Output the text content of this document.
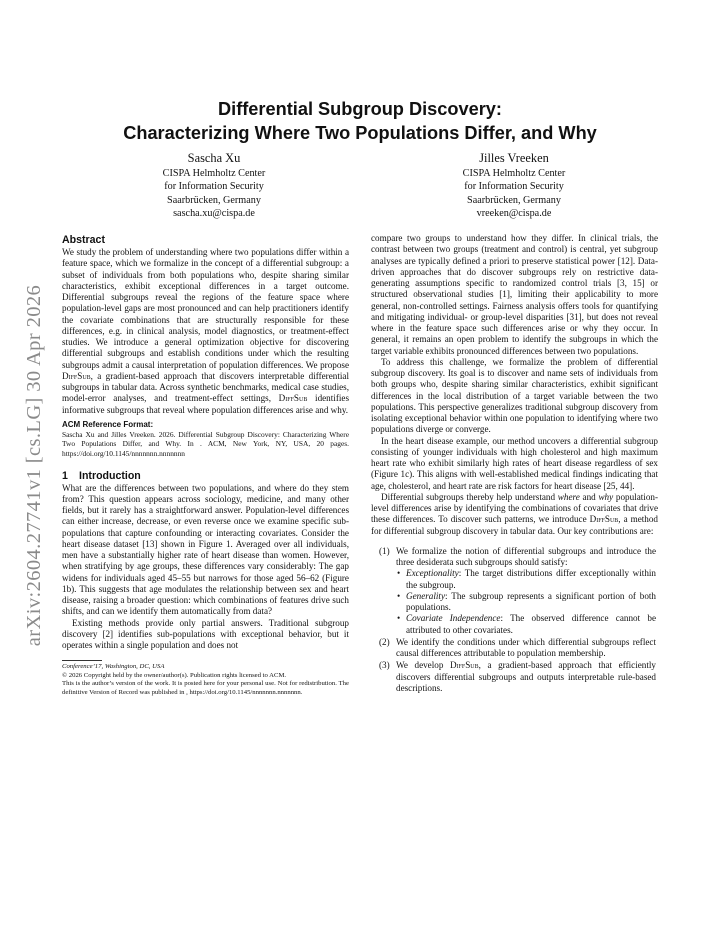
arXiv:2604.27741v1 [cs.LG] 30 Apr 2026
Differential Subgroup Discovery:
Characterizing Where Two Populations Differ, and Why
Sascha Xu
CISPA Helmholtz Center
for Information Security
Saarbrücken, Germany
sascha.xu@cispa.de
Jilles Vreeken
CISPA Helmholtz Center
for Information Security
Saarbrücken, Germany
vreeken@cispa.de
Abstract

We study the problem of understanding where two populations differ within a feature space, which we formalize in the concept of a differential subgroup: a subset of individuals from both populations who, despite sharing similar characteristics, exhibit exceptional differences in a target outcome. Differential subgroups reveal the regions of the feature space where population-level gaps are most pronounced and can help practitioners identify the covariate combinations that are structurally responsible for these differences, e.g. in clinical analysis, model diagnostics, or treatment-effect studies. We introduce a general optimization objective for discovering differential subgroups and establish conditions under which the resulting subgroups admit a causal interpretation of population differences. We propose DiffSub, a gradient-based approach that discovers interpretable differential subgroups in tabular data. Across synthetic benchmarks, medical case studies, model-error analyses, and treatment-effect settings, DiffSub identifies informative subgroups that reveal where population differences arise and why.

ACM Reference Format:

Sascha Xu and Jilles Vreeken. 2026. Differential Subgroup Discovery: Characterizing Where Two Populations Differ, and Why. In . ACM, New York, NY, USA, 20 pages. https://doi.org/10.1145/nnnnnnn.nnnnnnn

1 Introduction

What are the differences between two populations, and where do they stem from? This question appears across sociology, medicine, and many other fields, but it rarely has a straightforward answer. Population-level differences can either increase, decrease, or even reverse once we examine specific sub-populations that capture confounding or interacting covariates. Consider the heart disease dataset [13] shown in Figure 1. Averaged over all individuals, men have a substantially higher rate of heart disease than women. However, when stratifying by age groups, these differences vary considerably: The gap widens for individuals aged 45–55 but narrows for those aged 56–62 (Figure 1b). This suggests that age modulates the relationship between sex and heart disease, raising a broader question: which combinations of features drive such shifts, and can we identify them automatically from data?

Existing methods provide only partial answers. Traditional subgroup discovery [2] identifies sub-populations with exceptional behavior, but it operates within a single population and does not

Conference’17, Washington, DC, USA
© 2026 Copyright held by the owner/author(s). Publication rights licensed to ACM.
This is the author’s version of the work. It is posted here for your personal use. Not for redistribution. The definitive Version of Record was published in , https://doi.org/10.1145/nnnnnnn.nnnnnnn.

compare two groups to understand how they differ. In clinical trials, the contrast between two groups (treatment and control) is central, yet subgroup analyses are typically defined a priori to preserve statistical power [12]. Data-driven approaches that do discover subgroups rely on restrictive data-generating assumptions specific to randomized control trials [3, 15] or structured observational studies [1], limiting their applicability to more general, non-controlled settings. Fairness analysis offers tools for quantifying and mitigating individual- or group-level disparities [31], but does not reveal where in the feature space such differences arise or why they occur. In general, it remains an open problem to identify the subgroups in which the target variable exhibits pronounced differences between two populations.

To address this challenge, we formalize the problem of differential subgroup discovery. Its goal is to discover and name sets of individuals from both groups who, despite sharing similar characteristics, exhibit significant differences in the local distribution of a target variable between the two populations. This perspective generalizes traditional subgroup discovery from isolating exceptional behavior within one population to identifying where two populations diverge or converge.

In the heart disease example, our method uncovers a differential subgroup consisting of younger individuals with high cholesterol and high maximum heart rate who exhibit similarly high rates of heart disease regardless of sex (Figure 1c). This aligns with well-established medical findings indicating that age, cholesterol, and heart rate are risk factors for heart disease [25, 44].

Differential subgroups thereby help understand where and why population-level differences arise by identifying the combinations of covariates that drive these differences. To discover such patterns, we introduce DiffSub, a method for differential subgroup discovery in tabular data. Our key contributions are:

(1) We formalize the notion of differential subgroups and introduce the three desiderata such subgroups should satisfy:
• Exceptionality: The target distributions differ exceptionally within the subgroup.
• Generality: The subgroup represents a significant portion of both populations.
• Covariate Independence: The observed difference cannot be attributed to other covariates.
(2) We identify the conditions under which differential subgroups reflect causal differences attributable to population membership.
(3) We develop DiffSub, a gradient-based approach that efficiently discovers differential subgroups and outputs interpretable rule-based descriptions.
